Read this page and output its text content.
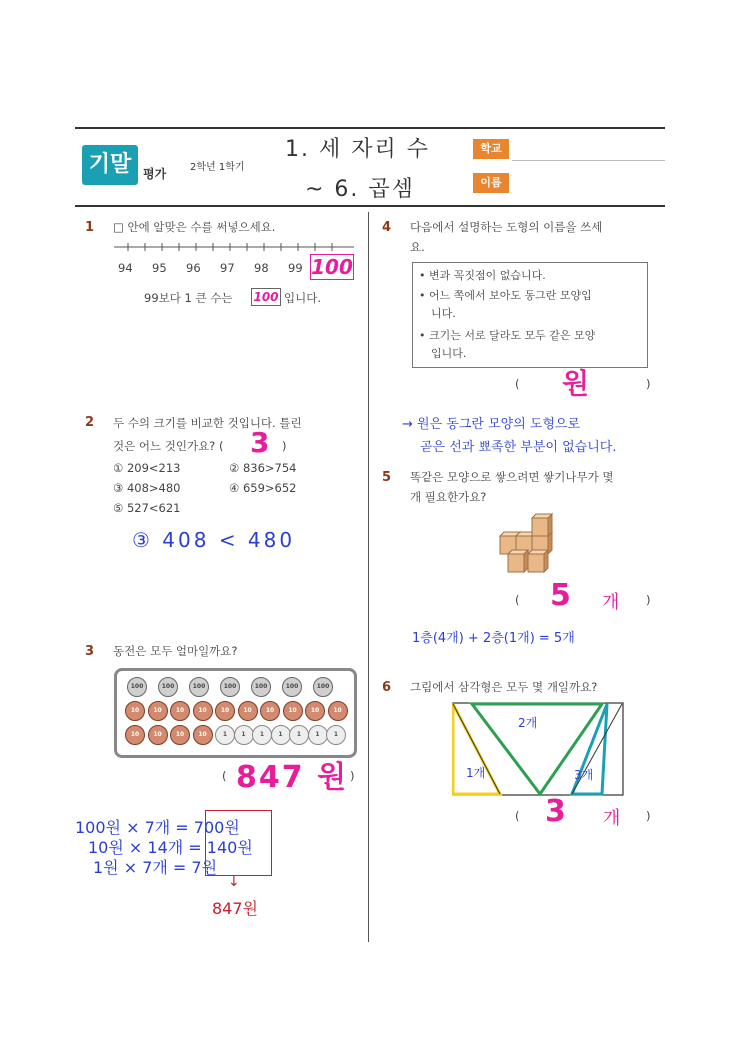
기말 평가 2학년 1학기
1. 세 자리 수
~ 6. 곱셈
학교
이름
1 □ 안에 알맞은 수를 써넣으세요.
94 95 96 97 98 99 100
99보다 1 큰 수는 100 입니다.
2 두 수의 크기를 비교한 것입니다. 틀린
것은 어느 것인가요? ( 3 )
① 209<213	② 836>754
③ 408>480	④ 659>652
⑤ 527<621
③ 408 < 480
3 동전은 모두 얼마일까요?
100	100	100	100	100	100	100
10	10	10	10	10	10	10	10	10	10
10	10	10	10	1	1	1	1	1	1	1
( 847 원 )
100원 × 7개 = 700원
10원 × 14개 = 140원
1원 × 7개 = 7원
↓
847원
4 다음에서 설명하는 도형의 이름을 쓰세
요.
• 변과 꼭짓점이 없습니다.
• 어느 쪽에서 보아도 동그란 모양입
니다.
• 크기는 서로 달라도 모두 같은 모양
입니다.
( 원	)
→ 원은 동그란 모양의 도형으로
곧은 선과 뾰족한 부분이 없습니다.
5 똑같은 모양으로 쌓으려면 쌓기나무가 몇
개 필요한가요?
( 5 개 )
1층(4개) + 2층(1개) = 5개
6 그림에서 삼각형은 모두 몇 개일까요?
2개
1개	3개
( 3 개 )
